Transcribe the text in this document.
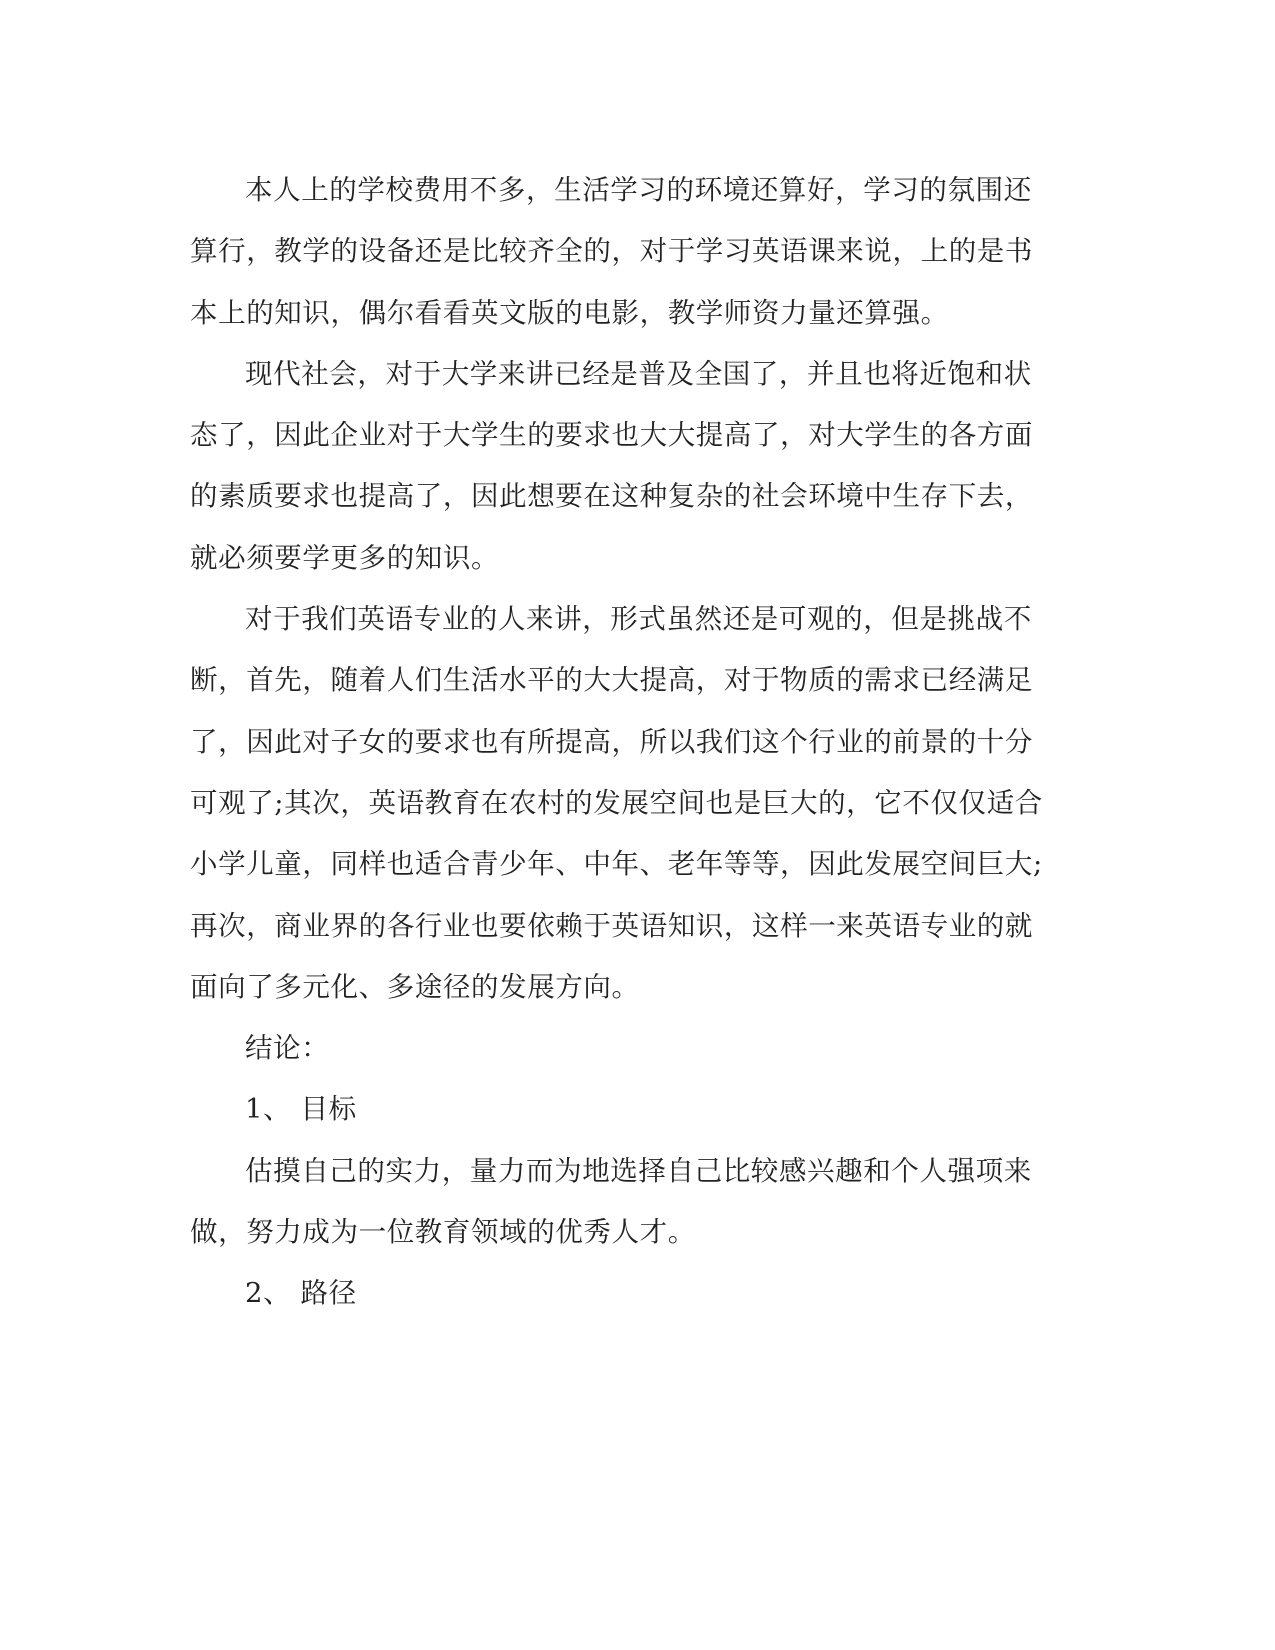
本人上的学校费用不多，生活学习的环境还算好，学习的氛围还
算行，教学的设备还是比较齐全的，对于学习英语课来说，上的是书
本上的知识，偶尔看看英文版的电影，教学师资力量还算强。

现代社会，对于大学来讲已经是普及全国了，并且也将近饱和状
态了，因此企业对于大学生的要求也大大提高了，对大学生的各方面
的素质要求也提高了，因此想要在这种复杂的社会环境中生存下去，
就必须要学更多的知识。

对于我们英语专业的人来讲，形式虽然还是可观的，但是挑战不
断，首先，随着人们生活水平的大大提高，对于物质的需求已经满足
了，因此对子女的要求也有所提高，所以我们这个行业的前景的十分
可观了;其次，英语教育在农村的发展空间也是巨大的，它不仅仅适合
小学儿童，同样也适合青少年、中年、老年等等，因此发展空间巨大;
再次，商业界的各行业也要依赖于英语知识，这样一来英语专业的就
面向了多元化、多途径的发展方向。

结论：

1、 目标

估摸自己的实力，量力而为地选择自己比较感兴趣和个人强项来
做，努力成为一位教育领域的优秀人才。

2、 路径
